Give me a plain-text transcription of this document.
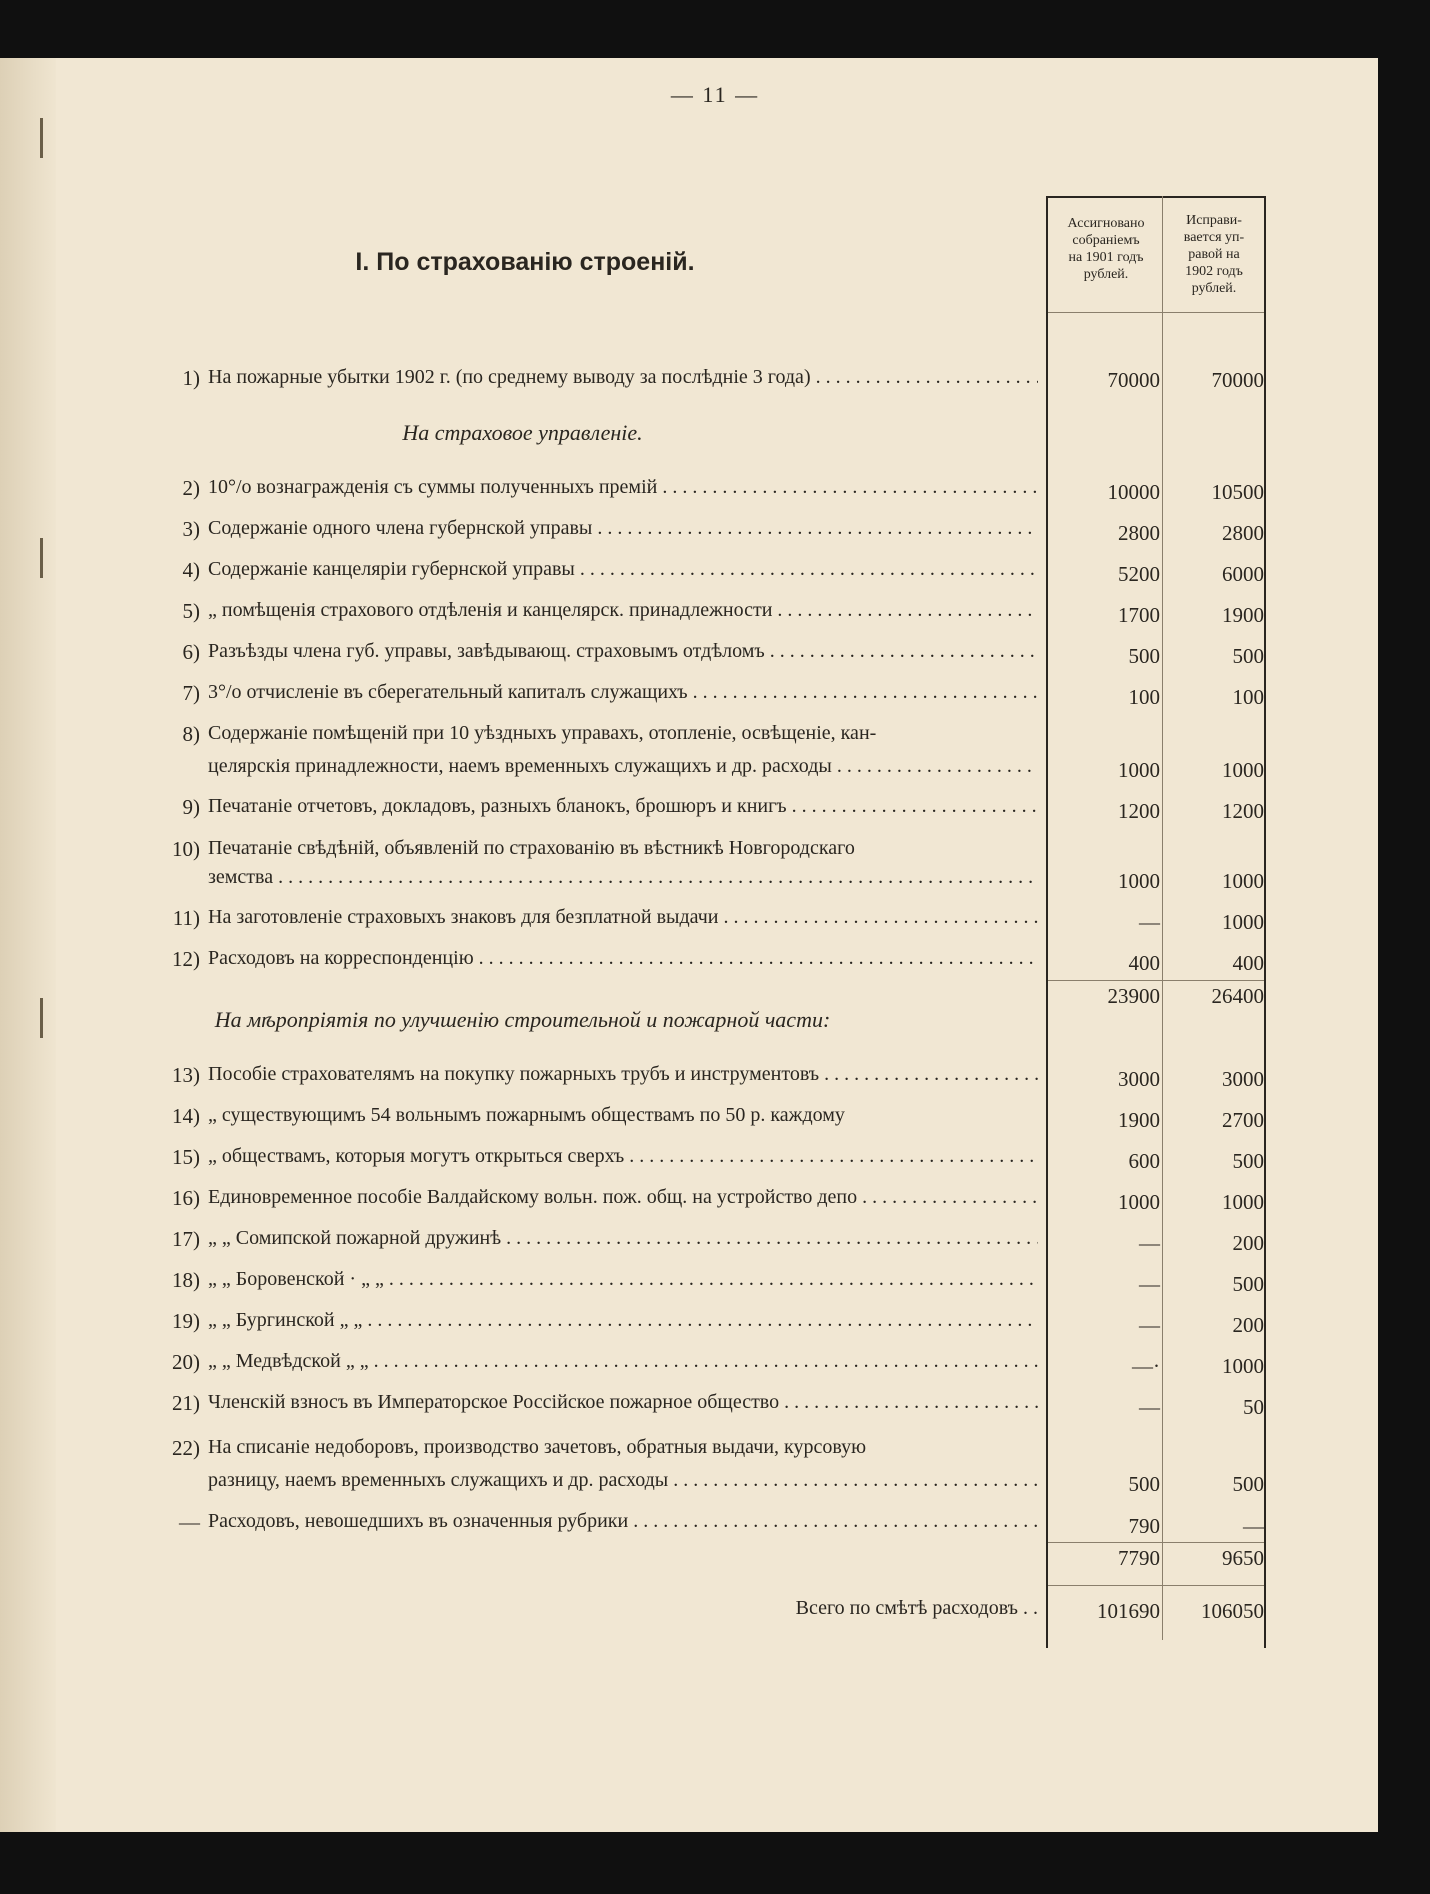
— 11 —
Ассигновано
собраніемъ
на 1901 годъ
рублей.
Исправи-
вается уп-
равой на
1902 годъ
рублей.
I. По страхованію строеній.
1) На пожарные убытки 1902 г. (по среднему выводу за послѣдніе 3 года) . . .	70000	70000
На страховое управленіе.
2) 10°/о вознагражденія съ суммы полученныхъ премій . . .	10000	10500
3) Содержаніе одного члена губернской управы . . .	2800	2800
4) Содержаніе канцеляріи губернской управы . . .	5200	6000
5) „ помѣщенія страхового отдѣленія и канцелярск. принадлежности . . .	1700	1900
6) Разъѣзды члена губ. управы, завѣдывающ. страховымъ отдѣломъ . . .	500	500
7) 3°/о отчисленіе въ сберегательный капиталъ служащихъ . . .	100	100
8) Содержаніе помѣщеній при 10 уѣздныхъ управахъ, отопленіе, освѣщеніе, кан-
целярскія принадлежности, наемъ временныхъ служащихъ и др. расходы . . .	1000	1000
9) Печатаніе отчетовъ, докладовъ, разныхъ бланокъ, брошюръ и книгъ . . .	1200	1200
10) Печатаніе свѣдѣній, объявленій по страхованію въ вѣстникѣ Новгородскаго
земства . . .	1000	1000
11) На заготовленіе страховыхъ знаковъ для безплатной выдачи . . .	—	1000
12) Расходовъ на корреспонденцію . . .	400	400
23900	26400
На мѣропріятія по улучшенію строительной и пожарной части:
13) Пособіе страхователямъ на покупку пожарныхъ трубъ и инструментовъ . . .	3000	3000
14) „ существующимъ 54 вольнымъ пожарнымъ обществамъ по 50 р. каждому	1900	2700
15) „ обществамъ, которыя могутъ открыться сверхъ . . .	600	500
16) Единовременное пособіе Валдайскому вольн. пож. общ. на устройство депо . . .	1000	1000
17) „ „ Сомипской пожарной дружинѣ . . .	—	200
18) „ „ Боровенской · „ „ . . .	—	500
19) „ „ Бургинской „ „ . . .	—	200
20) „ „ Медвѣдской „ „ . . .	—·	1000
21) Членскій взносъ въ Императорское Россійское пожарное общество . . .	—	50
22) На списаніе недоборовъ, производство зачетовъ, обратныя выдачи, курсовую
разницу, наемъ временныхъ служащихъ и др. расходы . . .	500	500
— Расходовъ, невошедшихъ въ означенныя рубрики . . .	790	—
7790	9650
Всего по смѣтѣ расходовъ . .	101690	106050
